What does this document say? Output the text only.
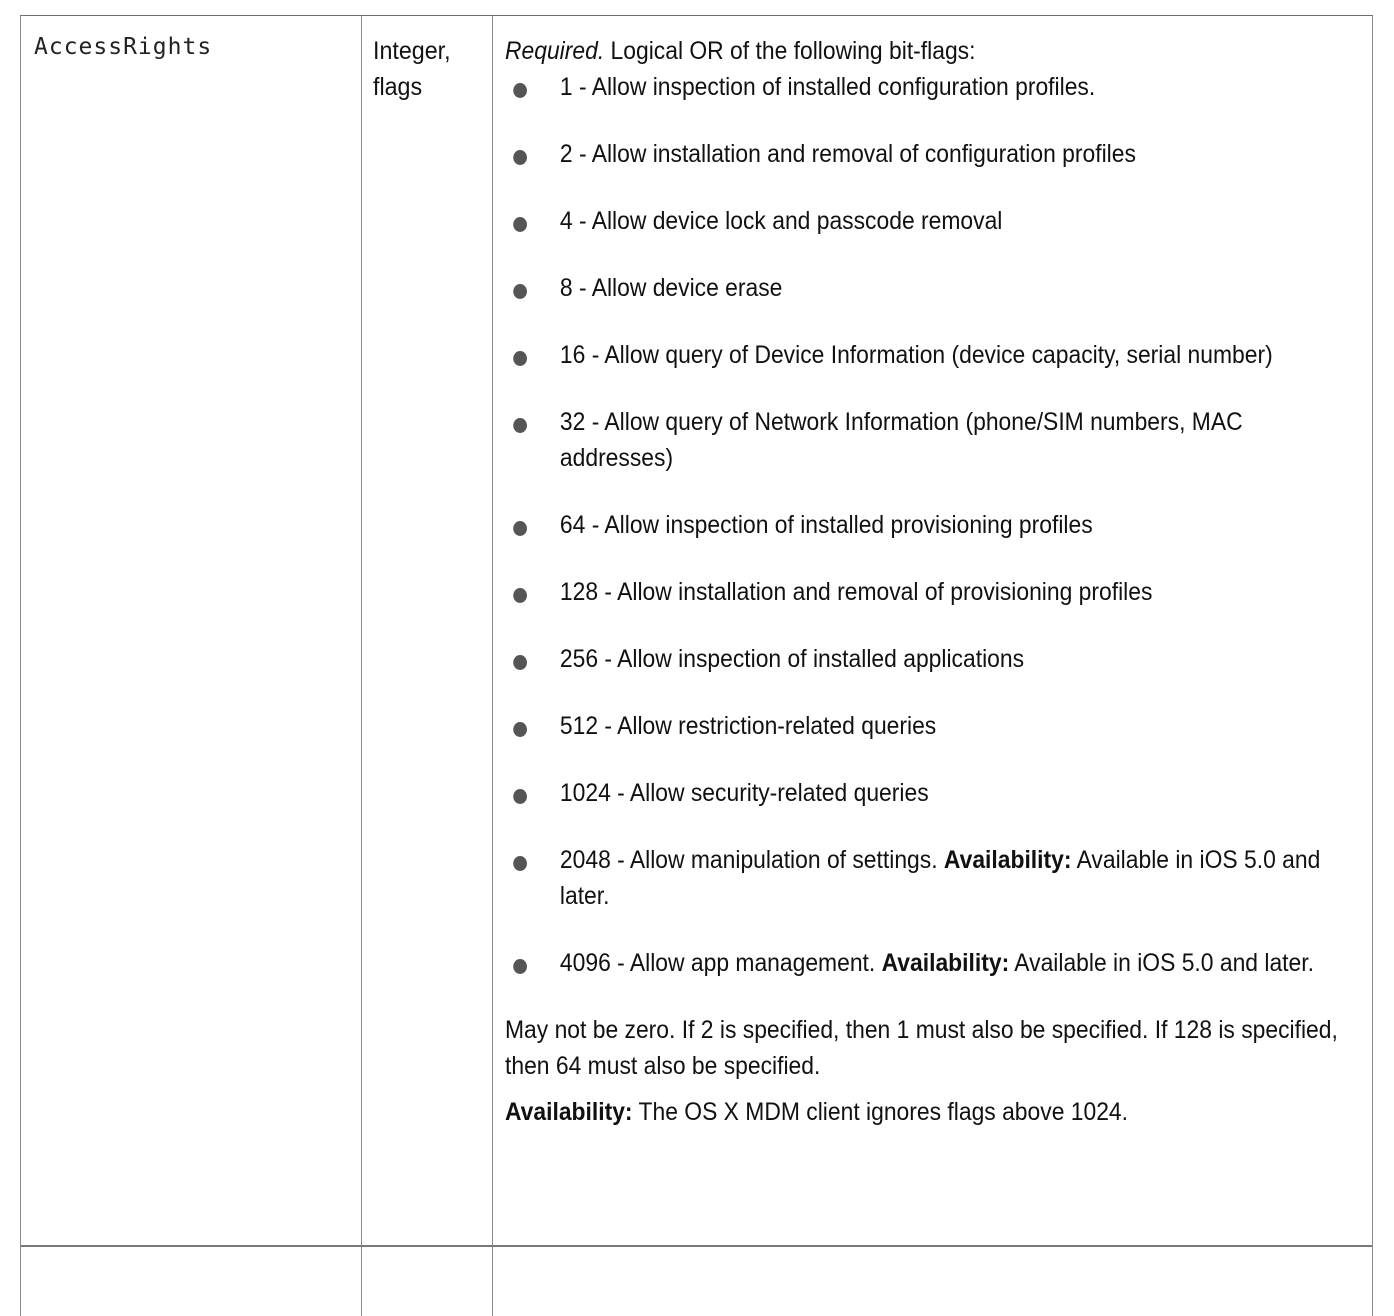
AccessRights	Integer, flags
Required. Logical OR of the following bit-flags:
1 - Allow inspection of installed configuration profiles.
2 - Allow installation and removal of configuration profiles
4 - Allow device lock and passcode removal
8 - Allow device erase
16 - Allow query of Device Information (device capacity, serial number)
32 - Allow query of Network Information (phone/SIM numbers, MAC addresses)
64 - Allow inspection of installed provisioning profiles
128 - Allow installation and removal of provisioning profiles
256 - Allow inspection of installed applications
512 - Allow restriction-related queries
1024 - Allow security-related queries
2048 - Allow manipulation of settings. Availability: Available in iOS 5.0 and later.
4096 - Allow app management. Availability: Available in iOS 5.0 and later.
May not be zero. If 2 is specified, then 1 must also be specified. If 128 is specified, then 64 must also be specified.
Availability: The OS X MDM client ignores flags above 1024.
